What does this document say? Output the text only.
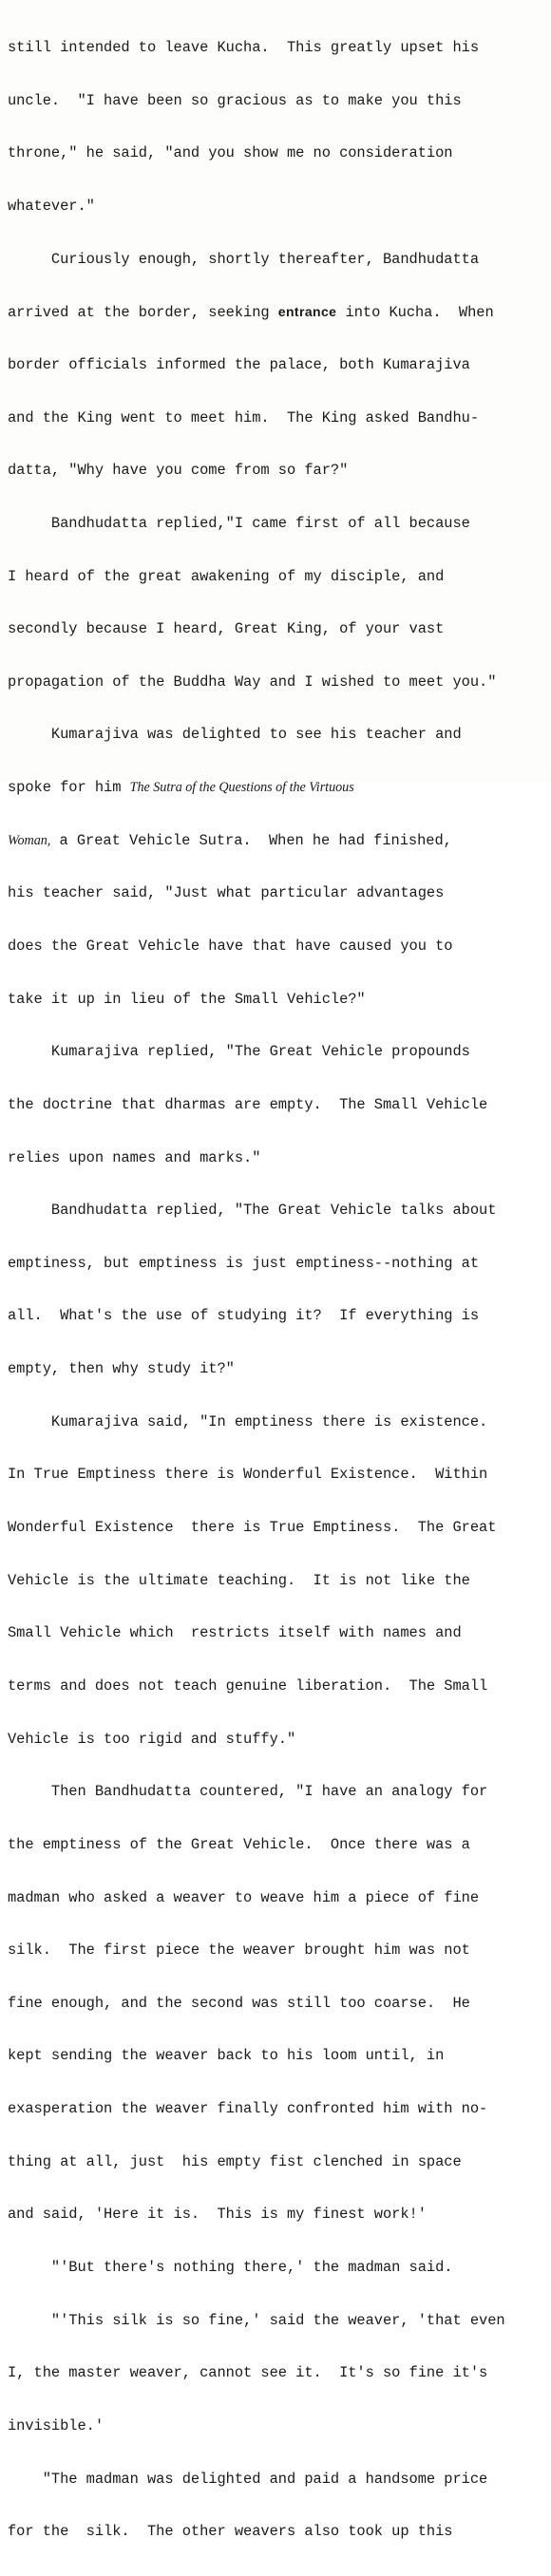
still intended to leave Kucha.  This greatly upset his

uncle.  "I have been so gracious as to make you this

throne," he said, "and you show me no consideration

whatever."

Curiously enough, shortly thereafter, Bandhudatta

arrived at the border, seeking entrance into Kucha.  When

border officials informed the palace, both Kumarajiva

and the King went to meet him.  The King asked Bandhu-

datta, "Why have you come from so far?"

Bandhudatta replied,"I came first of all because

I heard of the great awakening of my disciple, and

secondly because I heard, Great King, of your vast

propagation of the Buddha Way and I wished to meet you."

Kumarajiva was delighted to see his teacher and

spoke for him The Sutra of the Questions of the Virtuous

Woman, a Great Vehicle Sutra.  When he had finished,

his teacher said, "Just what particular advantages

does the Great Vehicle have that have caused you to

take it up in lieu of the Small Vehicle?"

Kumarajiva replied, "The Great Vehicle propounds

the doctrine that dharmas are empty.  The Small Vehicle

relies upon names and marks."

Bandhudatta replied, "The Great Vehicle talks about

emptiness, but emptiness is just emptiness--nothing at

all.  What's the use of studying it?  If everything is

empty, then why study it?"

Kumarajiva said, "In emptiness there is existence.

In True Emptiness there is Wonderful Existence.  Within

Wonderful Existence  there is True Emptiness.  The Great

Vehicle is the ultimate teaching.  It is not like the

Small Vehicle which  restricts itself with names and

terms and does not teach genuine liberation.  The Small

Vehicle is too rigid and stuffy."

Then Bandhudatta countered, "I have an analogy for

the emptiness of the Great Vehicle.  Once there was a

madman who asked a weaver to weave him a piece of fine

silk.  The first piece the weaver brought him was not

fine enough, and the second was still too coarse.  He

kept sending the weaver back to his loom until, in

exasperation the weaver finally confronted him with no-

thing at all, just  his empty fist clenched in space

and said, 'Here it is.  This is my finest work!'

"'But there's nothing there,' the madman said.

"'This silk is so fine,' said the weaver, 'that even

I, the master weaver, cannot see it.  It's so fine it's

invisible.'

"The madman was delighted and paid a handsome price

for the  silk.  The other weavers also took up this
